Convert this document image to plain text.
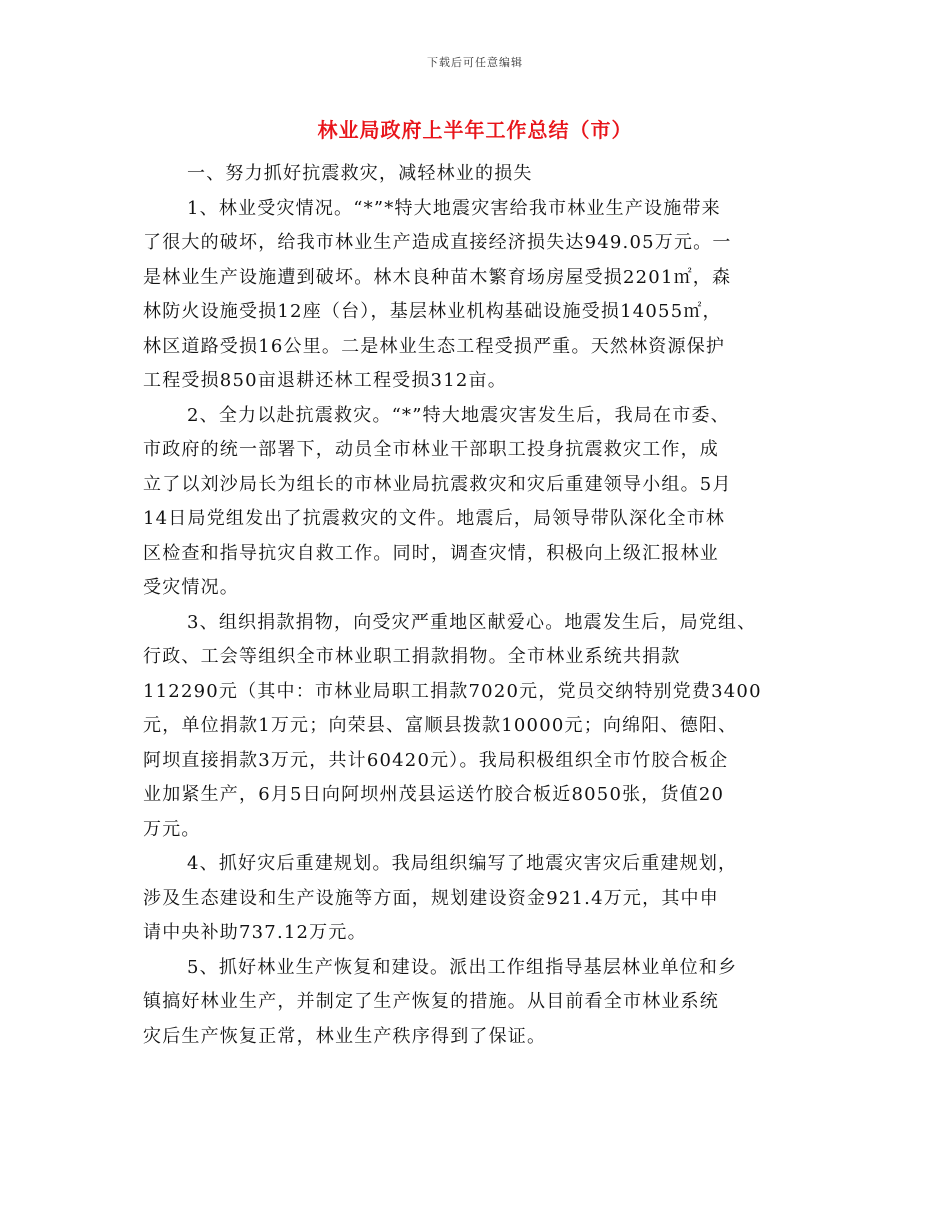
下载后可任意编辑
林业局政府上半年工作总结（市）
一、努力抓好抗震救灾，减轻林业的损失
1、林业受灾情况。“*”*特大地震灾害给我市林业生产设施带来
了很大的破坏，给我市林业生产造成直接经济损失达949.05万元。一
是林业生产设施遭到破坏。林木良种苗木繁育场房屋受损2201㎡，森
林防火设施受损12座（台），基层林业机构基础设施受损14055㎡，
林区道路受损16公里。二是林业生态工程受损严重。天然林资源保护
工程受损850亩退耕还林工程受损312亩。
2、全力以赴抗震救灾。“*”特大地震灾害发生后，我局在市委、
市政府的统一部署下，动员全市林业干部职工投身抗震救灾工作，成
立了以刘沙局长为组长的市林业局抗震救灾和灾后重建领导小组。5月
14日局党组发出了抗震救灾的文件。地震后，局领导带队深化全市林
区检查和指导抗灾自救工作。同时，调查灾情，积极向上级汇报林业
受灾情况。
3、组织捐款捐物，向受灾严重地区献爱心。地震发生后，局党组、
行政、工会等组织全市林业职工捐款捐物。全市林业系统共捐款
112290元（其中：市林业局职工捐款7020元，党员交纳特别党费3400
元，单位捐款1万元；向荣县、富顺县拨款10000元；向绵阳、德阳、
阿坝直接捐款3万元，共计60420元）。我局积极组织全市竹胶合板企
业加紧生产，6月5日向阿坝州茂县运送竹胶合板近8050张，货值20
万元。
4、抓好灾后重建规划。我局组织编写了地震灾害灾后重建规划，
涉及生态建设和生产设施等方面，规划建设资金921.4万元，其中申
请中央补助737.12万元。
5、抓好林业生产恢复和建设。派出工作组指导基层林业单位和乡
镇搞好林业生产，并制定了生产恢复的措施。从目前看全市林业系统
灾后生产恢复正常，林业生产秩序得到了保证。
